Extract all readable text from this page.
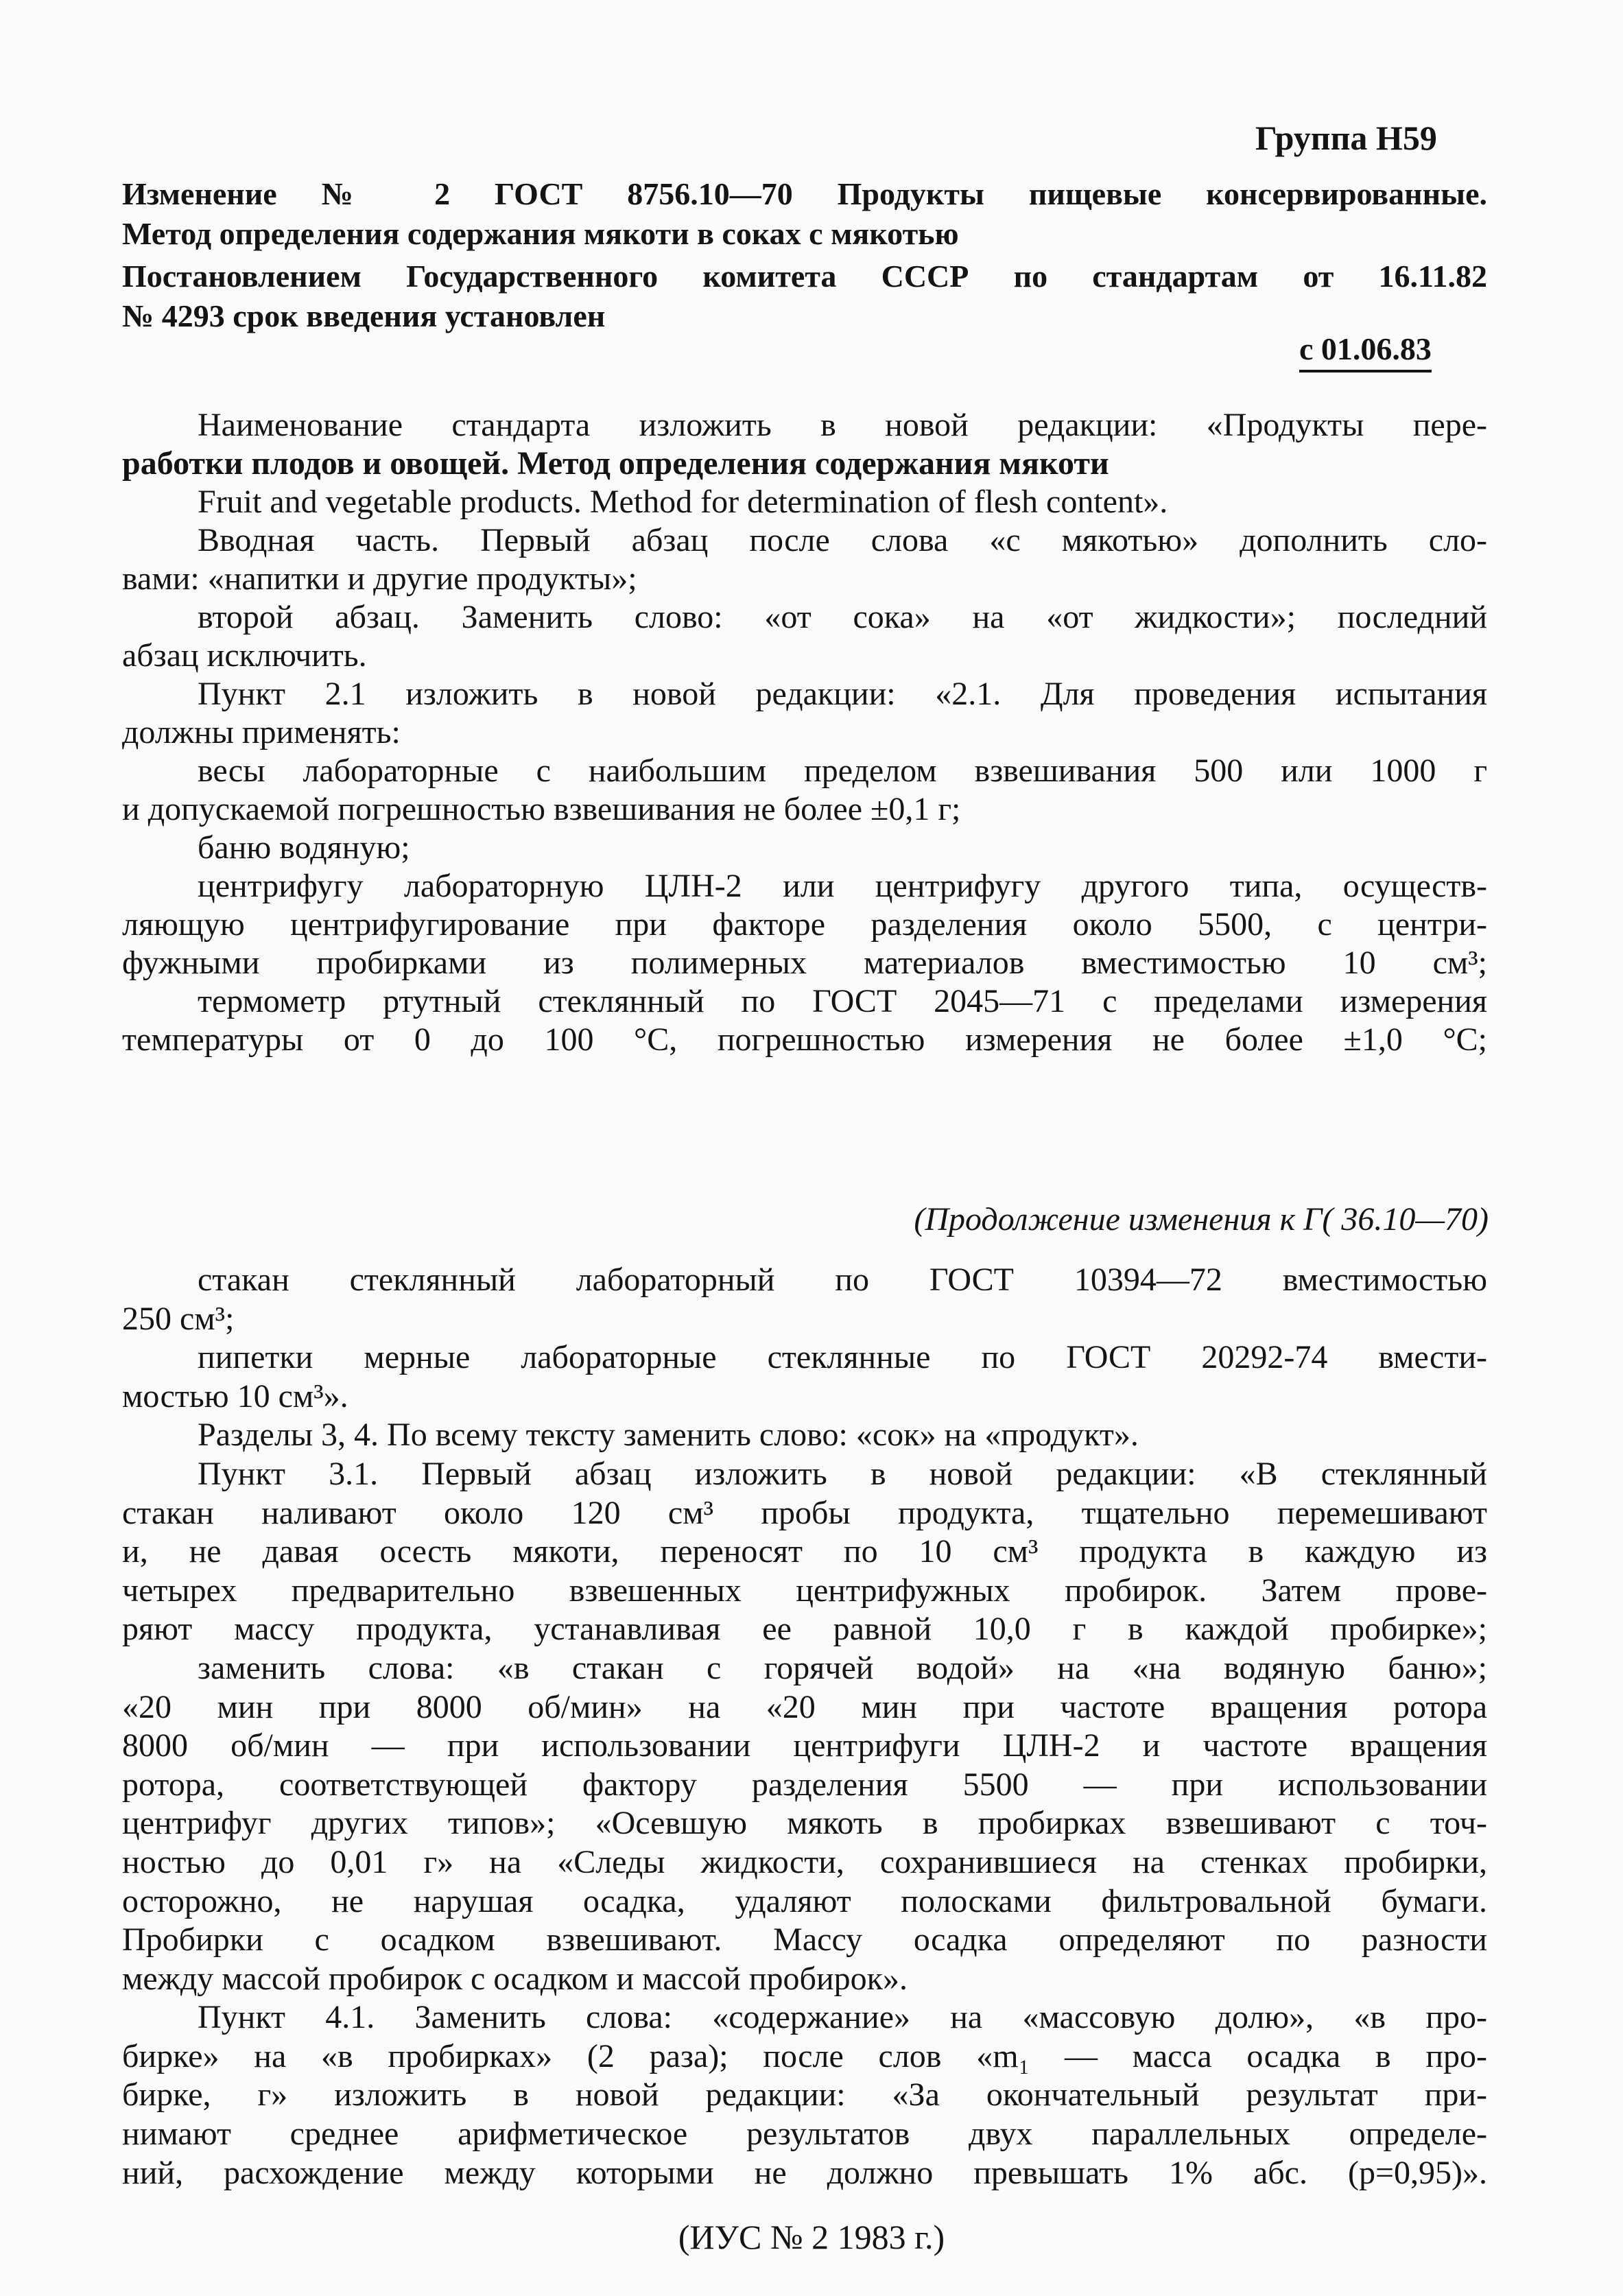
Группа Н59
Изменение № 2 ГОСТ 8756.10—70 Продукты пищевые консервированные.
Метод определения содержания мякоти в соках с мякотью
Постановлением Государственного комитета СССР по стандартам от 16.11.82
№ 4293 срок введения установлен
с 01.06.83
Наименование стандарта изложить в новой редакции: «Продукты пере-
работки плодов и овощей. Метод определения содержания мякоти
Fruit and vegetable products. Method for determination of flesh content».
Вводная часть. Первый абзац после слова «с мякотью» дополнить сло-
вами: «напитки и другие продукты»;
второй абзац. Заменить слово: «от сока» на «от жидкости»; последний
абзац исключить.
Пункт 2.1 изложить в новой редакции: «2.1. Для проведения испытания
должны применять:
весы лабораторные с наибольшим пределом взвешивания 500 или 1000 г
и допускаемой погрешностью взвешивания не более ±0,1 г;
баню водяную;
центрифугу лабораторную ЦЛН-2 или центрифугу другого типа, осуществ-
ляющую центрифугирование при факторе разделения около 5500, с центри-
фужными пробирками из полимерных материалов вместимостью 10 см³;
термометр ртутный стеклянный по ГОСТ 2045—71 с пределами измерения
температуры от 0 до 100 °С, погрешностью измерения не более ±1,0 °С;
(Продолжение изменения к Г( 36.10—70)
стакан стеклянный лабораторный по ГОСТ 10394—72 вместимостью
250 см³;
пипетки мерные лабораторные стеклянные по ГОСТ 20292-74 вмести-
мостью 10 см³».
Разделы 3, 4. По всему тексту заменить слово: «сок» на «продукт».
Пункт 3.1. Первый абзац изложить в новой редакции: «В стеклянный
стакан наливают около 120 см³ пробы продукта, тщательно перемешивают
и, не давая осесть мякоти, переносят по 10 см³ продукта в каждую из
четырех предварительно взвешенных центрифужных пробирок. Затем прове-
ряют массу продукта, устанавливая ее равной 10,0 г в каждой пробирке»;
заменить слова: «в стакан с горячей водой» на «на водяную баню»;
«20 мин при 8000 об/мин» на «20 мин при частоте вращения ротора
8000 об/мин — при использовании центрифуги ЦЛН-2 и частоте вращения
ротора, соответствующей фактору разделения 5500 — при использовании
центрифуг других типов»; «Осевшую мякоть в пробирках взвешивают с точ-
ностью до 0,01 г» на «Следы жидкости, сохранившиеся на стенках пробирки,
осторожно, не нарушая осадка, удаляют полосками фильтровальной бумаги.
Пробирки с осадком взвешивают. Массу осадка определяют по разности
между массой пробирок с осадком и массой пробирок».
Пункт 4.1. Заменить слова: «содержание» на «массовую долю», «в про-
бирке» на «в пробирках» (2 раза); после слов «m₁ — масса осадка в про-
бирке, г» изложить в новой редакции: «За окончательный результат при-
нимают среднее арифметическое результатов двух параллельных определе-
ний, расхождение между которыми не должно превышать 1% абс. (р=0,95)».
(ИУС № 2 1983 г.)
